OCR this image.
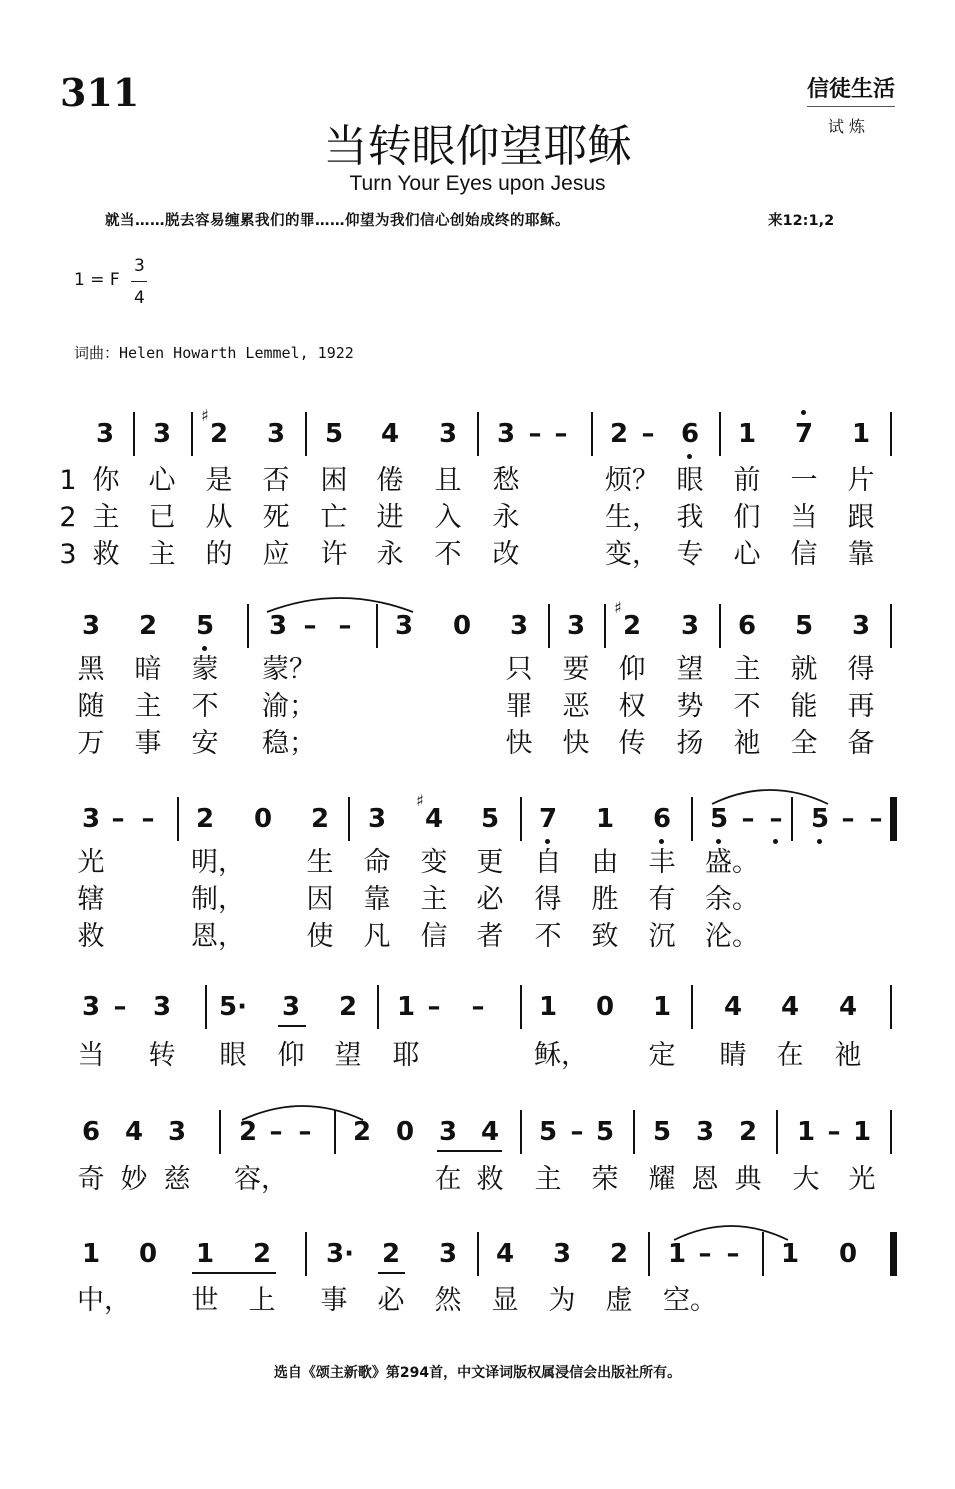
311	信徒生活
试 炼
当转眼仰望耶稣
Turn Your Eyes upon Jesus
就当……脱去容易缠累我们的罪……仰望为我们信心创始成终的耶稣。	来12:1,2
1 = F
3
4
词曲：Helen Howarth Lemmel, 1922
选自《颂主新歌》第294首，中文译词版权属浸信会出版社所有。
3 3 2 3 5 4 3 3 – –	2 –	6 1 7 1
♯
1 你 心 是 否 困 倦 且 愁	烦？ 眼 前 一 片
2 主 已 从 死 亡 进 入 永	生， 我 们 当 跟
3 救 主 的 应 许 永 不 改	变， 专 心 信 靠
3 2 5 3 – –	3 0 3 3 2 3 6 5 3
♯
黑 暗 蒙 蒙？	只 要 仰 望 主 就 得
随 主 不 渝；	罪 恶 权 势 不 能 再
万 事 安 稳；	快 快 传 扬 祂 全 备
3 – –	2 0 2 3 4 5 7 1 6 5 – –	5 – –
♯
光	明， 生 命 变 更 自 由 丰 盛。
辖	制， 因 靠 主 必 得 胜 有 余。
救	恩， 使 凡 信 者 不 致 沉 沦。
3 –	3 5· 3 2 1 –	–	1 0 1 4 4 4
当 转 眼 仰 望 耶	稣， 定 睛 在 祂
6 4 3 2 – –	2 0 3 4 5 – 5 5 3 2 1 – 1
奇 妙 慈 容，	在 救 主 荣 耀 恩 典 大 光
1 0 1 2 3· 2 3 4 3 2 1 – –	1 0
中， 世 上 事 必 然 显 为 虚 空。
